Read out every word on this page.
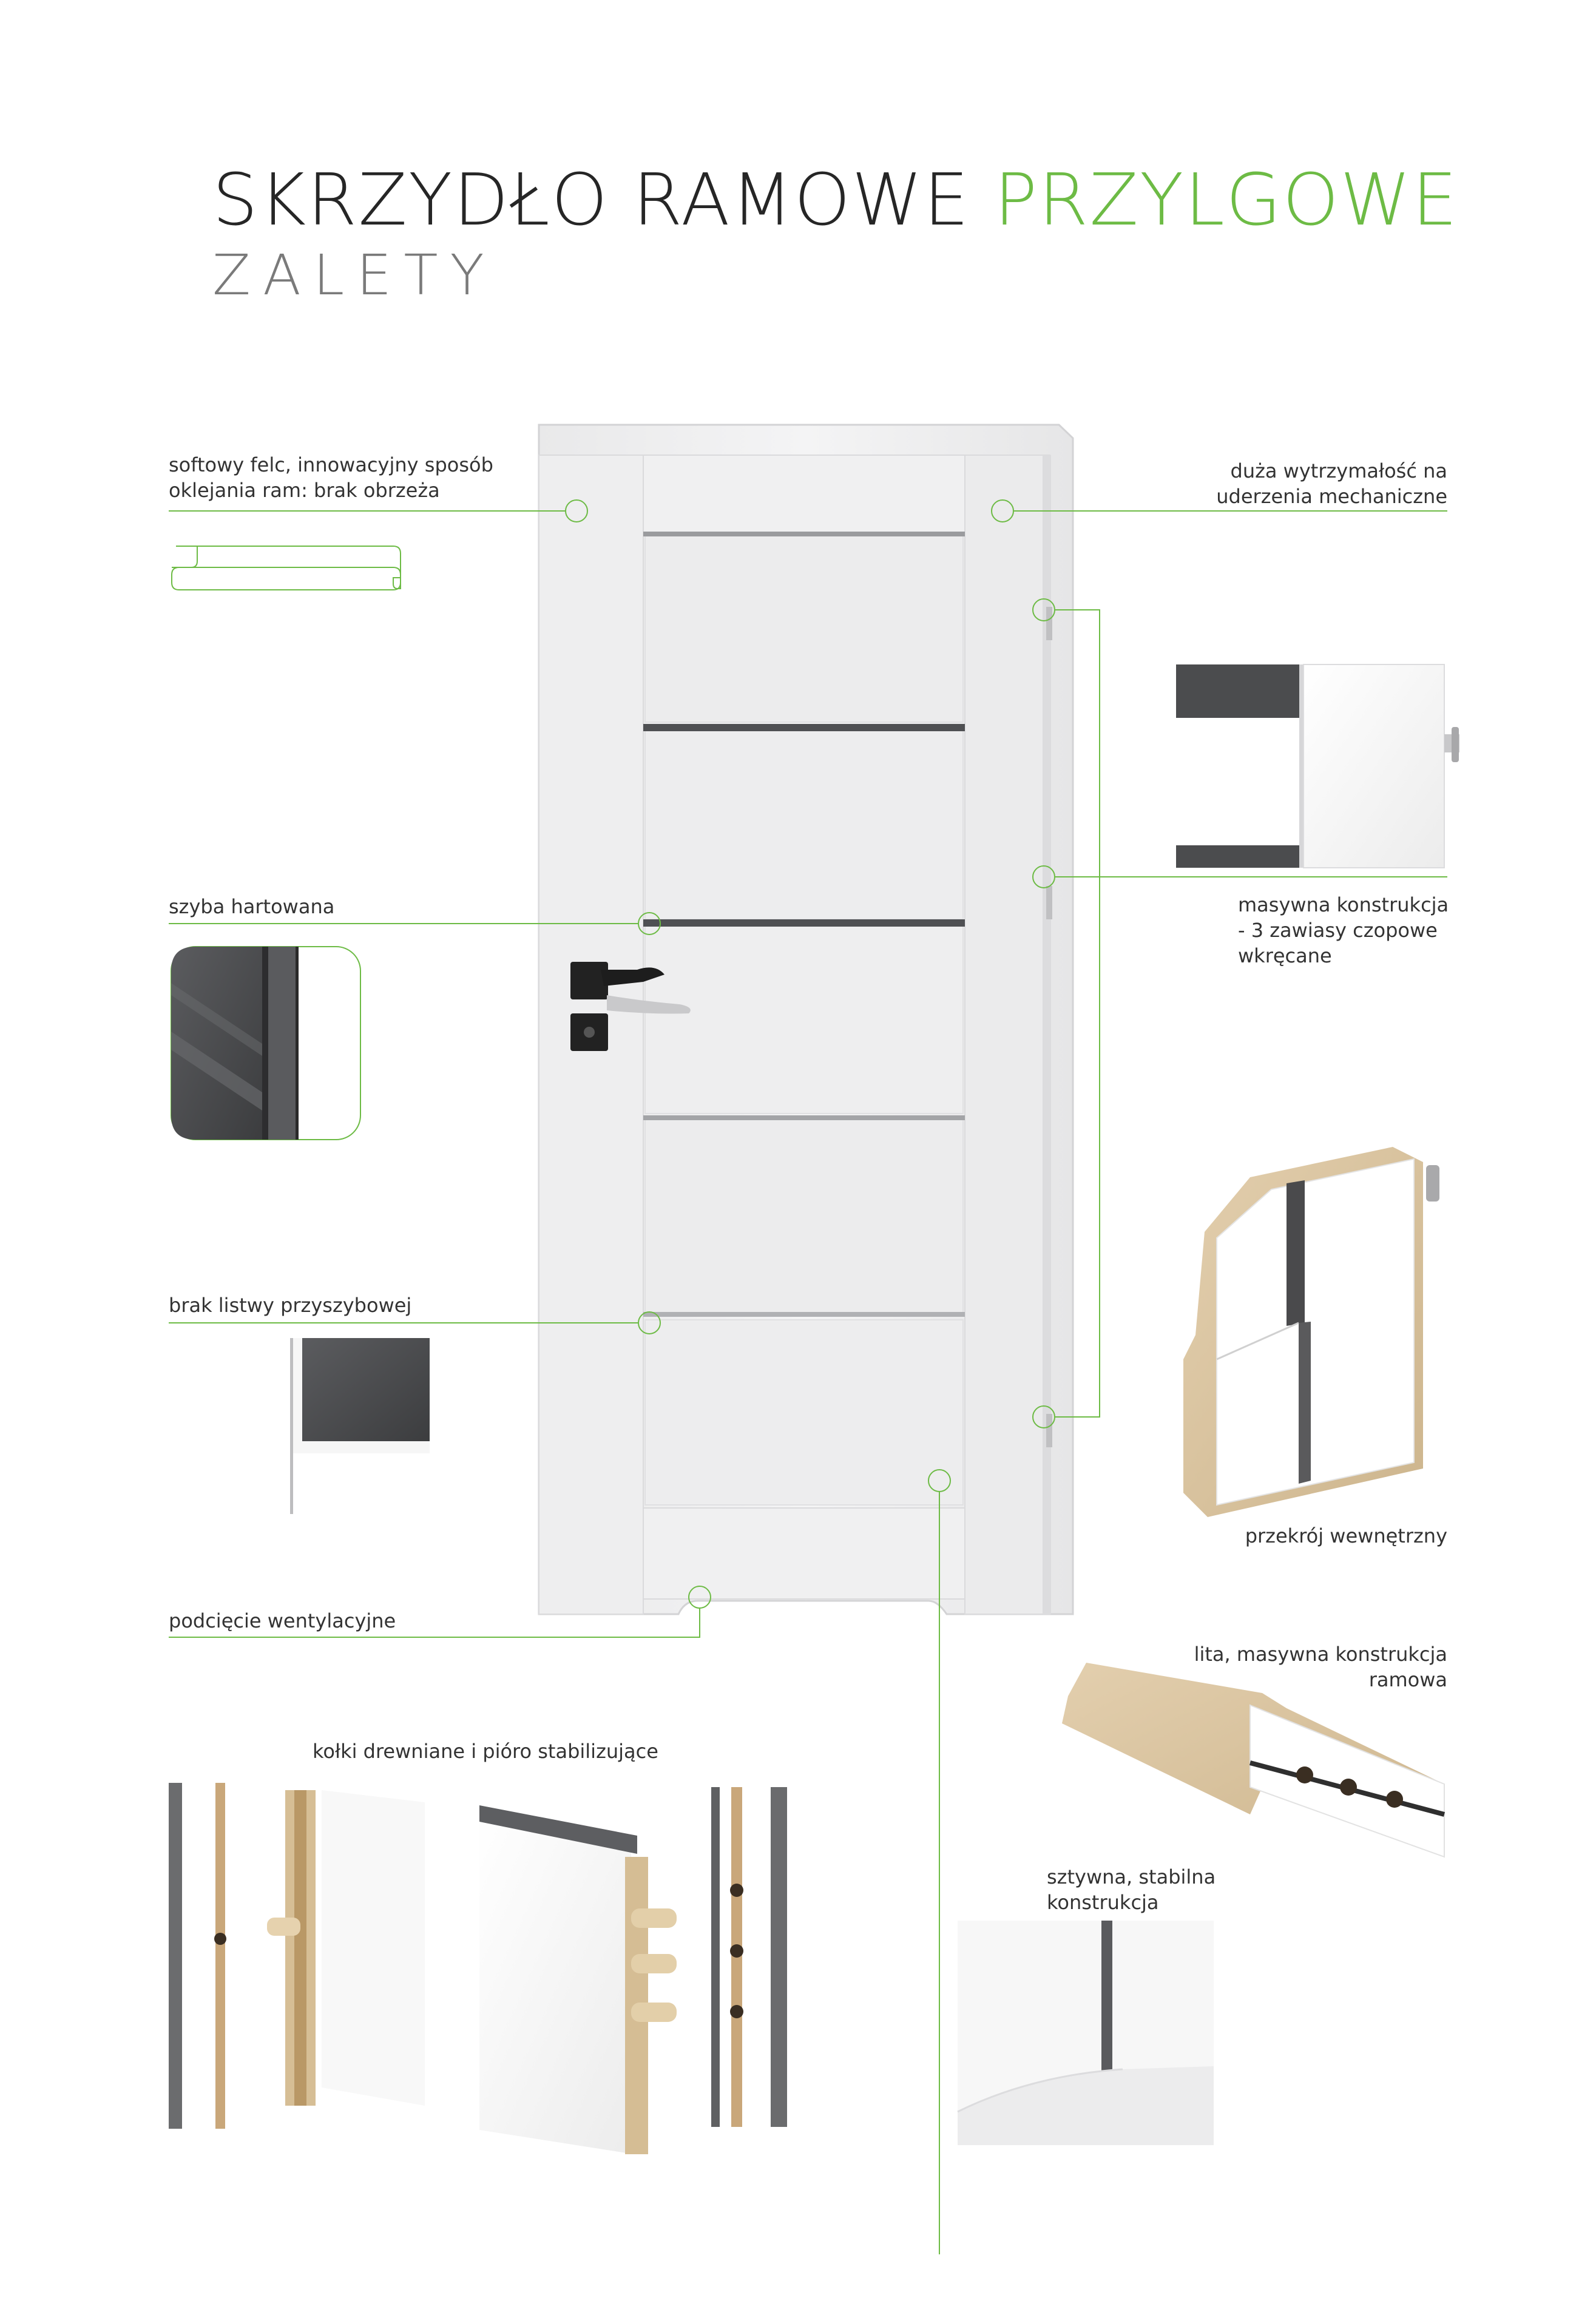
SKRZYDŁO RAMOWE PRZYLGOWE
ZALETY
softowy felc, innowacyjny sposób
oklejania ram: brak obrzeża
duża wytrzymałość na
uderzenia mechaniczne
szyba hartowana	masywna konstrukcja
- 3 zawiasy czopowe
wkręcane
brak listwy przyszybowej
przekrój wewnętrzny
podcięcie wentylacyjne
lita, masywna konstrukcja
ramowa
kołki drewniane i pióro stabilizujące
sztywna, stabilna
konstrukcja
